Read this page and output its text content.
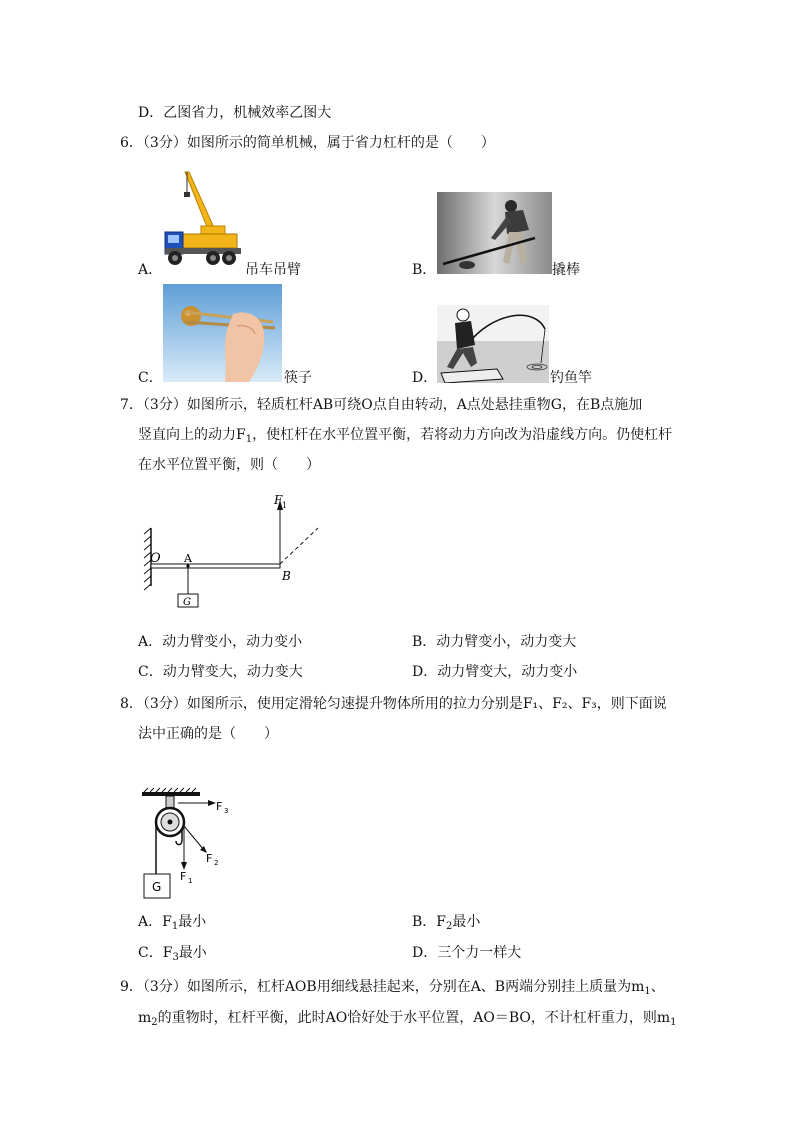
D．乙图省力，机械效率乙图大
6．（3分）如图所示的简单机械，属于省力杠杆的是（　　）
A．	吊车吊臂	B．	撬棒
C．	筷子	D．	钓鱼竿
7．（3分）如图所示，轻质杠杆AB可绕O点自由转动，A点处悬挂重物G，在B点施加
竖直向上的动力$F_1$，使杠杆在水平位置平衡，若将动力方向改为沿虚线方向。仍使杠杆
在水平位置平衡，则（　　）
O A
B
G
F 1
A．动力臂变小，动力变小	B．动力臂变小，动力变大
C．动力臂变大，动力变大	D．动力臂变大，动力变小
8．（3分）如图所示，使用定滑轮匀速提升物体所用的拉力分别是F₁、F₂、F₃，则下面说
法中正确的是（　　）
F 3
F 2
F 1
G
A．$F_1$最小	B．$F_2$最小
C．$F_3$最小	D．三个力一样大
9．（3分）如图所示，杠杆AOB用细线悬挂起来，分别在A、B两端分别挂上质量为$m_1$、
$m_2$的重物时，杠杆平衡，此时AO恰好处于水平位置，AO＝BO，不计杠杆重力，则$m_1$
